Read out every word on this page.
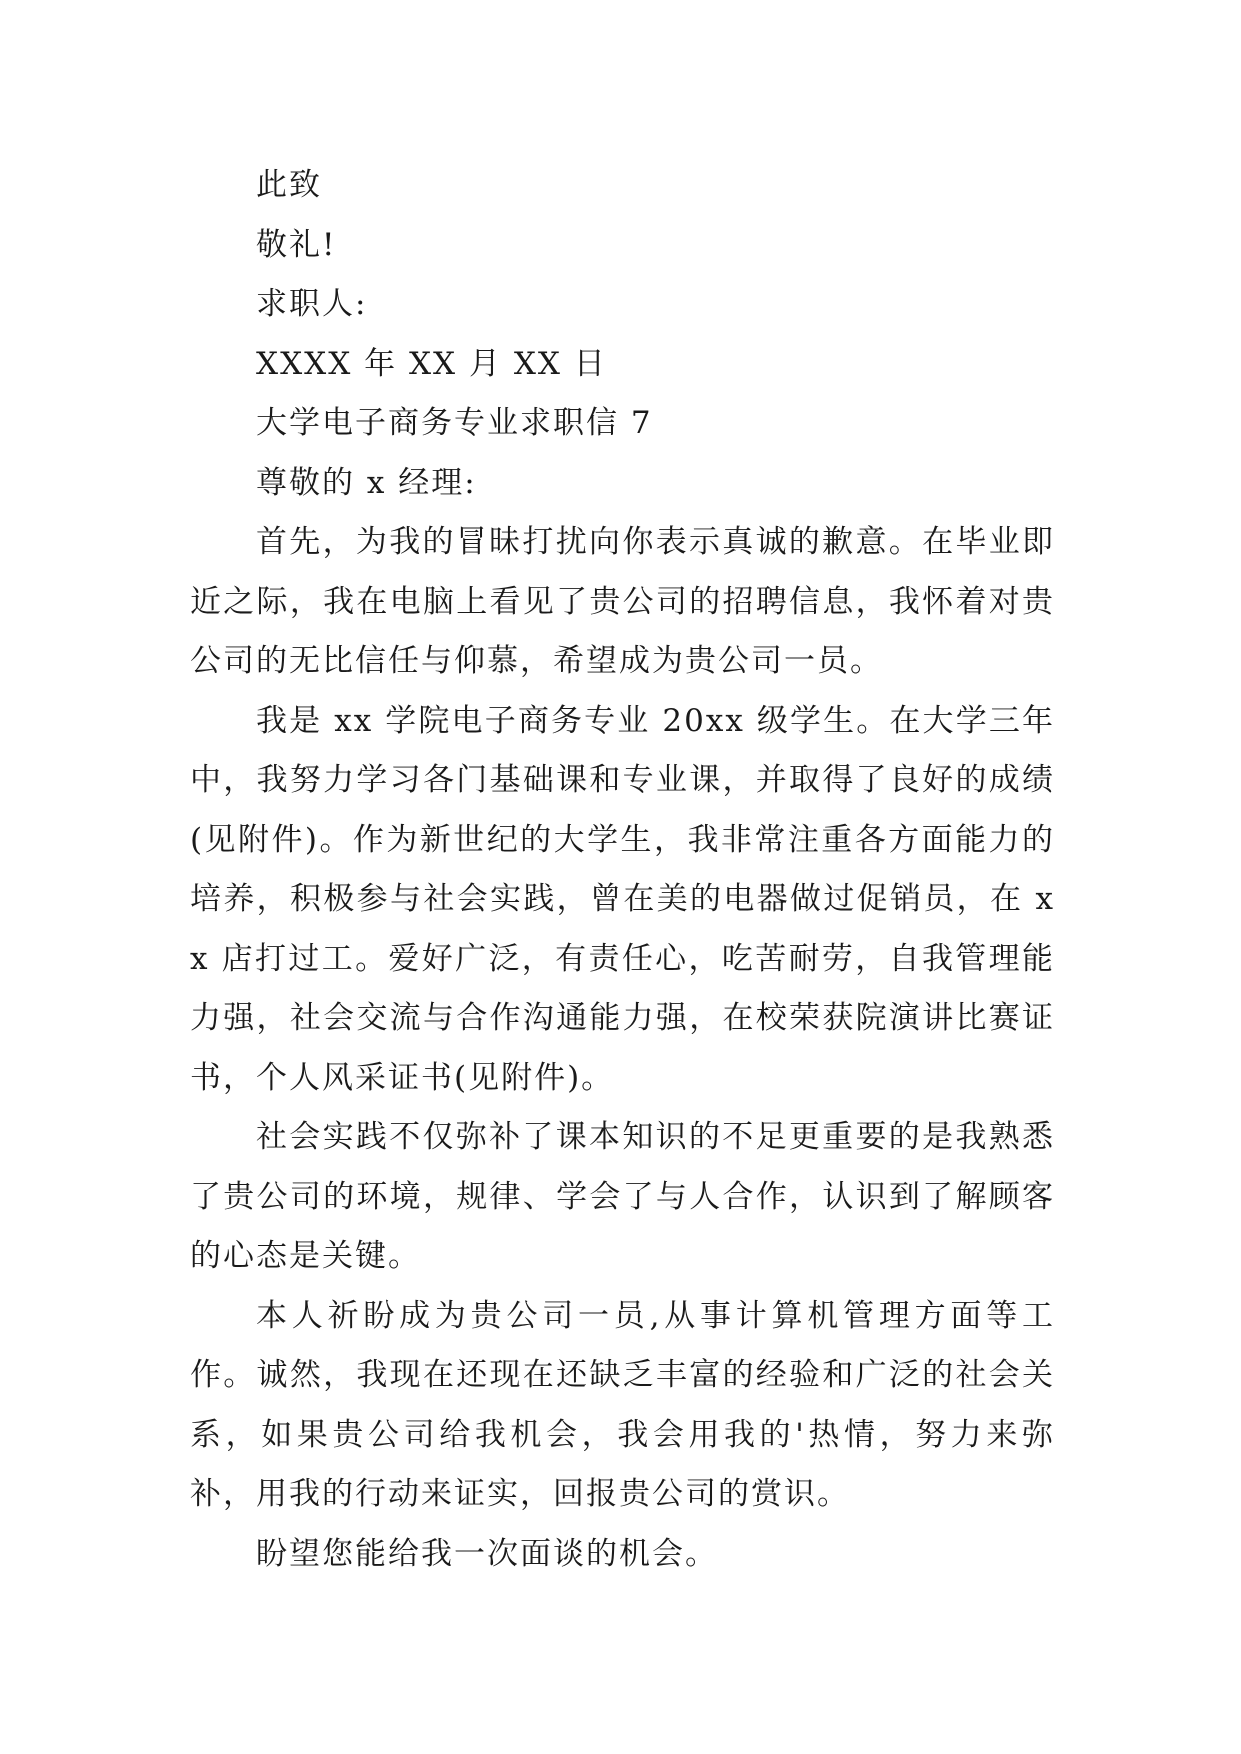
此致

敬礼!

求职人:

XXXX 年 XX 月 XX 日

大学电子商务专业求职信 7

尊敬的 x 经理:

首先，为我的冒昧打扰向你表示真诚的歉意。在毕业即近之际，我在电脑上看见了贵公司的招聘信息，我怀着对贵公司的无比信任与仰慕，希望成为贵公司一员。

我是 xx 学院电子商务专业 20xx 级学生。在大学三年中，我努力学习各门基础课和专业课，并取得了良好的成绩(见附件)。作为新世纪的大学生，我非常注重各方面能力的培养，积极参与社会实践，曾在美的电器做过促销员，在 xx 店打过工。爱好广泛，有责任心，吃苦耐劳，自我管理能力强，社会交流与合作沟通能力强，在校荣获院演讲比赛证书，个人风采证书(见附件)。

社会实践不仅弥补了课本知识的不足更重要的是我熟悉了贵公司的环境，规律、学会了与人合作，认识到了解顾客的心态是关键。

本人祈盼成为贵公司一员,从事计算机管理方面等工作。诚然，我现在还现在还缺乏丰富的经验和广泛的社会关系，如果贵公司给我机会，我会用我的'热情，努力来弥补，用我的行动来证实，回报贵公司的赏识。

盼望您能给我一次面谈的机会。
